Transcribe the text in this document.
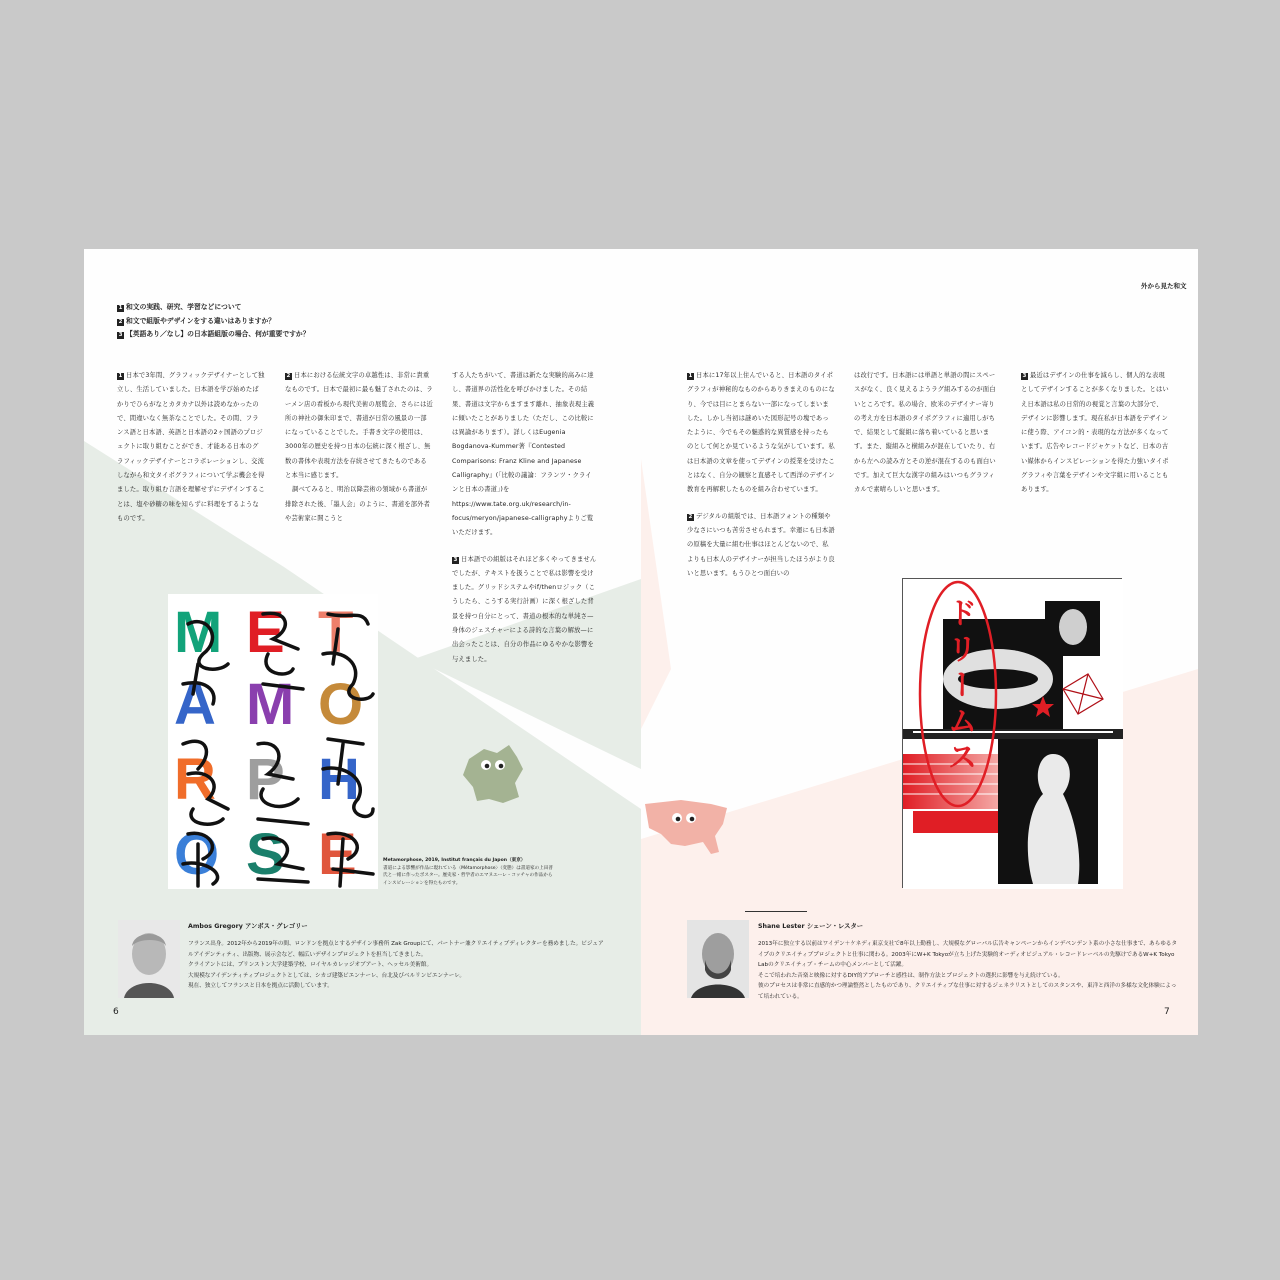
1 和文の実践、研究、学習などについて
2 和文で組版やデザインをする違いはありますか？
3 【英語あり／なし】の日本語組版の場合、何が重要ですか？

1 日本で3年間、グラフィックデザイナーとして独立し、生活していました。日本語を学び始めたばかりでひらがなとカタカナ以外は読めなかったので、間違いなく無茶なことでした。その間、フランス語と日本語、英語と日本語の2ヶ国語のプロジェクトに取り組むことができ、才能ある日本のグラフィックデザイナーとコラボレーションし、交流しながら和文タイポグラフィについて学ぶ機会を得ました。取り組む言語を理解せずにデザインすることは、塩や砂糖の味を知らずに料理をするようなものです。

2 日本における伝統文字の卓越性は、非常に貴重なものです。日本で最初に最も魅了されたのは、ラーメン店の看板から現代美術の展覧会、さらには近所の神社の御朱印まで、書道が日常の風景の一部になっていることでした。手書き文字の使用は、3000年の歴史を持つ日本の伝統に深く根ざし、無数の書体や表現方法を存続させてきたものであると本当に感じます。

調べてみると、明治以降芸術の領域から書道が排除された後、「墨人会」のように、書道を部外者や芸術家に開こうと

する人たちがいて、書道は新たな実験的高みに達し、書道界の活性化を呼びかけました。その結果、書道は文字からますます離れ、抽象表現主義に傾いたことがありました（ただし、この比較には異論があります）。詳しくはEugenia Bogdanova-Kummer著『Contested Comparisons: Franz Kline and Japanese Calligraphy』(「比較の議論：フランツ・クラインと日本の書道」)をhttps://www.tate.org.uk/research/in-focus/meryon/japanese-calligraphyよりご覧いただけます。

3 日本語での組版はそれほど多くやってきませんでしたが、テキストを扱うことで私は影響を受けました。グリッドシステムやif/thenロジック（こうしたら、こうする実行計画）に深く根ざした背景を持つ自分にとって、書道の根本的な単純さ—身体のジェスチャーによる詩的な言葉の解放—に出会ったことは、自分の作品にゆるやかな影響を与えました。

M E T
A M O
R P H
O S E	Metamorphose, 2019, Institut français du Japon（東京）
書道による影響が作品に現れている〈Métamorphose〉（変態）は書道家の上田普氏と一緒に作ったポスター。歴史家・哲学者のエマヌエーレ・コッチャの作品からインスピレーションを得たものです。
Ambos Gregory アンボス・グレゴリー
フランス出身。2012年から2019年の間、ロンドンを拠点とするデザイン事務所 Zak Groupにて、パートナー兼クリエイティブディレクターを務めました。ビジュアルアイデンティティ、出版物、展示会など、幅広いデザインプロジェクトを担当してきました。
クライアントには、プリンストン大学建築学校、ロイヤルカレッジオブアート、ヘッセル美術館。
大規模なアイデンティティプロジェクトとしては、シカゴ建築ビエンナーレ、台北及びベルリンビエンナーレ。
現在、独立してフランスと日本を拠点に活動しています。
6
外から見た和文

1 日本に17年以上住んでいると、日本語のタイポグラフィが神秘的なものからありきまえのものになり、今では目にとまらない一部になってしまいました。しかし当初は謎めいた図形記号の塊であったように、今でもその魅惑的な異質感を持ったものとして何とか見ているような気がしています。私は日本語の文章を使ってデザインの授業を受けたことはなく、自分の観察と直感そして西洋のデザイン教育を再解釈したものを組み合わせています。

2 デジタルの組版では、日本語フォントの種類や少なさにいつも苦労させられます。幸運にも日本語の原稿を大量に組む仕事はほとんどないので、私よりも日本人のデザイナーが担当したほうがより良いと思います。もうひとつ面白いの

は改行です。日本語には単語と単語の間にスペースがなく、良く見えるようラグ組みするのが面白いところです。私の場合、欧米のデザイナー寄りの考え方を日本語のタイポグラフィに適用しがちで、結果として縦組に落ち着いていると思います。また、縦組みと横組みが混在していたり、右から左への読み方とその逆が混在するのも面白いです。加えて巨大な漢字の組みはいつもグラフィカルで素晴らしいと思います。

3 最近はデザインの仕事を減らし、個人的な表現としてデザインすることが多くなりました。とはいえ日本語は私の日常的の視覚と言葉の大部分で、デザインに影響します。現在私が日本語をデザインに使う際、アイコン的・表現的な方法が多くなっています。広告やレコードジャケットなど、日本の古い媒体からインスピレーションを得た力強いタイポグラフィや言葉をデザインや文字組に用いることもあります。

ドリームス
Shane Lester シェーン・レスター
2013年に独立する以前はワイデン＋ケネディ東京支社で8年以上勤務し、大規模なグローバル広告キャンペーンからインデペンデント系の小さな仕事まで、あらゆるタイプのクリエイティブプロジェクトと仕事に関わる。2003年にW+K Tokyoが立ち上げた実験的オーディオビジュアル・レコードレーベルの先駆けであるW+K Tokyo Labのクリエイティブ・チームの中心メンバーとして活躍。
そこで培われた音楽と映像に対するDIY的アプローチと感性は、制作方法とプロジェクトの選択に影響を与え続けている。
彼のプロセスは非常に直感的かつ理論整然としたものであり、クリエイティブな仕事に対するジェネラリストとしてのスタンスや、東洋と西洋の多様な文化体験によって培われている。
7
